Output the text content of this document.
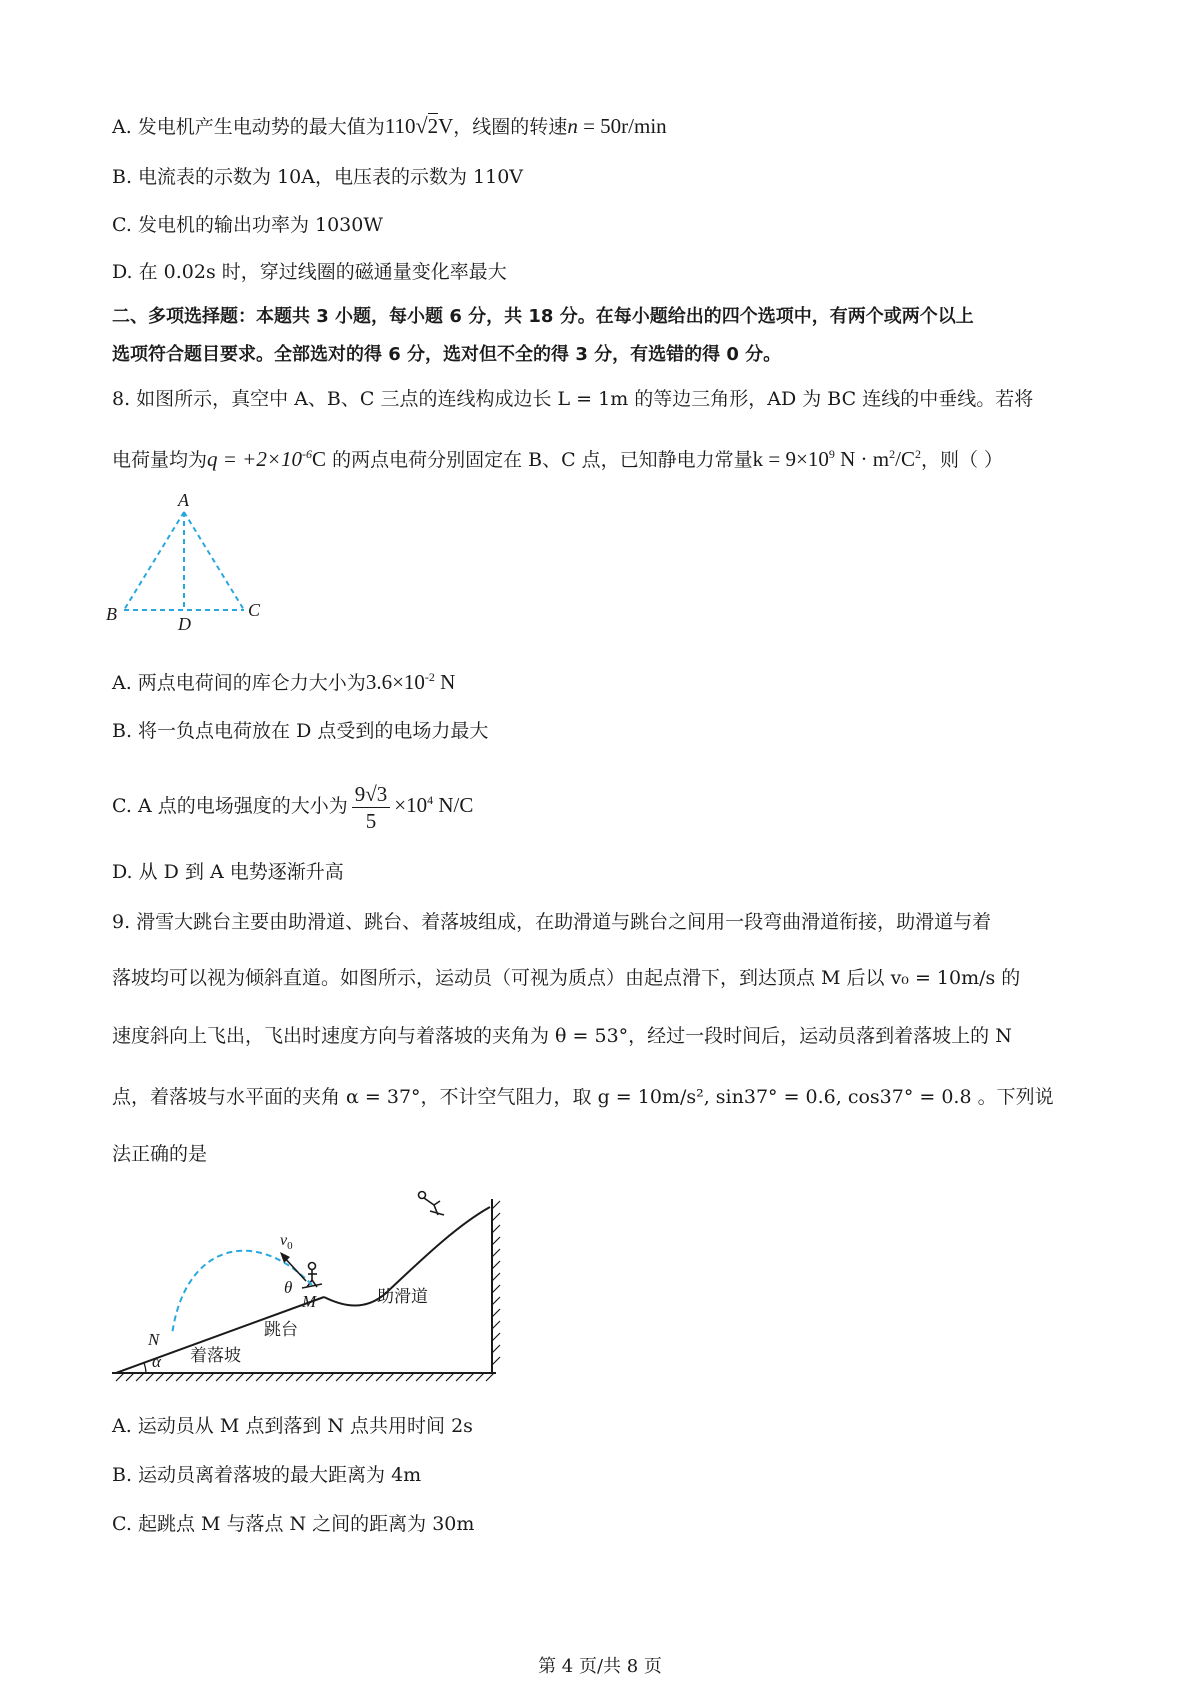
A. 发电机产生电动势的最大值为110√2V，线圈的转速n = 50r/min
B. 电流表的示数为 10A，电压表的示数为 110V
C. 发电机的输出功率为 1030W
D. 在 0.02s 时，穿过线圈的磁通量变化率最大
二、多项选择题：本题共 3 小题，每小题 6 分，共 18 分。在每小题给出的四个选项中，有两个或两个以上
选项符合题目要求。全部选对的得 6 分，选对但不全的得 3 分，有选错的得 0 分。
8. 如图所示，真空中 A、B、C 三点的连线构成边长 L = 1m 的等边三角形，AD 为 BC 连线的中垂线。若将
电荷量均为$q = +2\times 10^{-6}C$ 的两点电荷分别固定在 B、C 点，已知静电力常量$k = 9\times 10^9$ $N \cdot m^2/C^2$，则（ ）
A
B	C
D
A. 两点电荷间的库仑力大小为$3.6\times 10^{-2}$ N
B. 将一负点电荷放在 D 点受到的电场力最大
C. A 点的电场强度的大小为 $\frac{9√3}{5} \times 10^4$ N/C
D. 从 D 到 A 电势逐渐升高
9. 滑雪大跳台主要由助滑道、跳台、着落坡组成，在助滑道与跳台之间用一段弯曲滑道衔接，助滑道与着
落坡均可以视为倾斜直道。如图所示，运动员（可视为质点）由起点滑下，到达顶点 M 后以 v₀ = 10m/s 的
速度斜向上飞出，飞出时速度方向与着落坡的夹角为 θ = 53°，经过一段时间后，运动员落到着落坡上的 N
点，着落坡与水平面的夹角 α = 37°，不计空气阻力，取 g = 10m/s², sin37° = 0.6, cos37° = 0.8 。下列说
法正确的是
$v_0$
θ
M
N
α
助滑道
跳台
着落坡
A. 运动员从 M 点到落到 N 点共用时间 2s
B. 运动员离着落坡的最大距离为 4m
C. 起跳点 M 与落点 N 之间的距离为 30m
第 4 页/共 8 页
